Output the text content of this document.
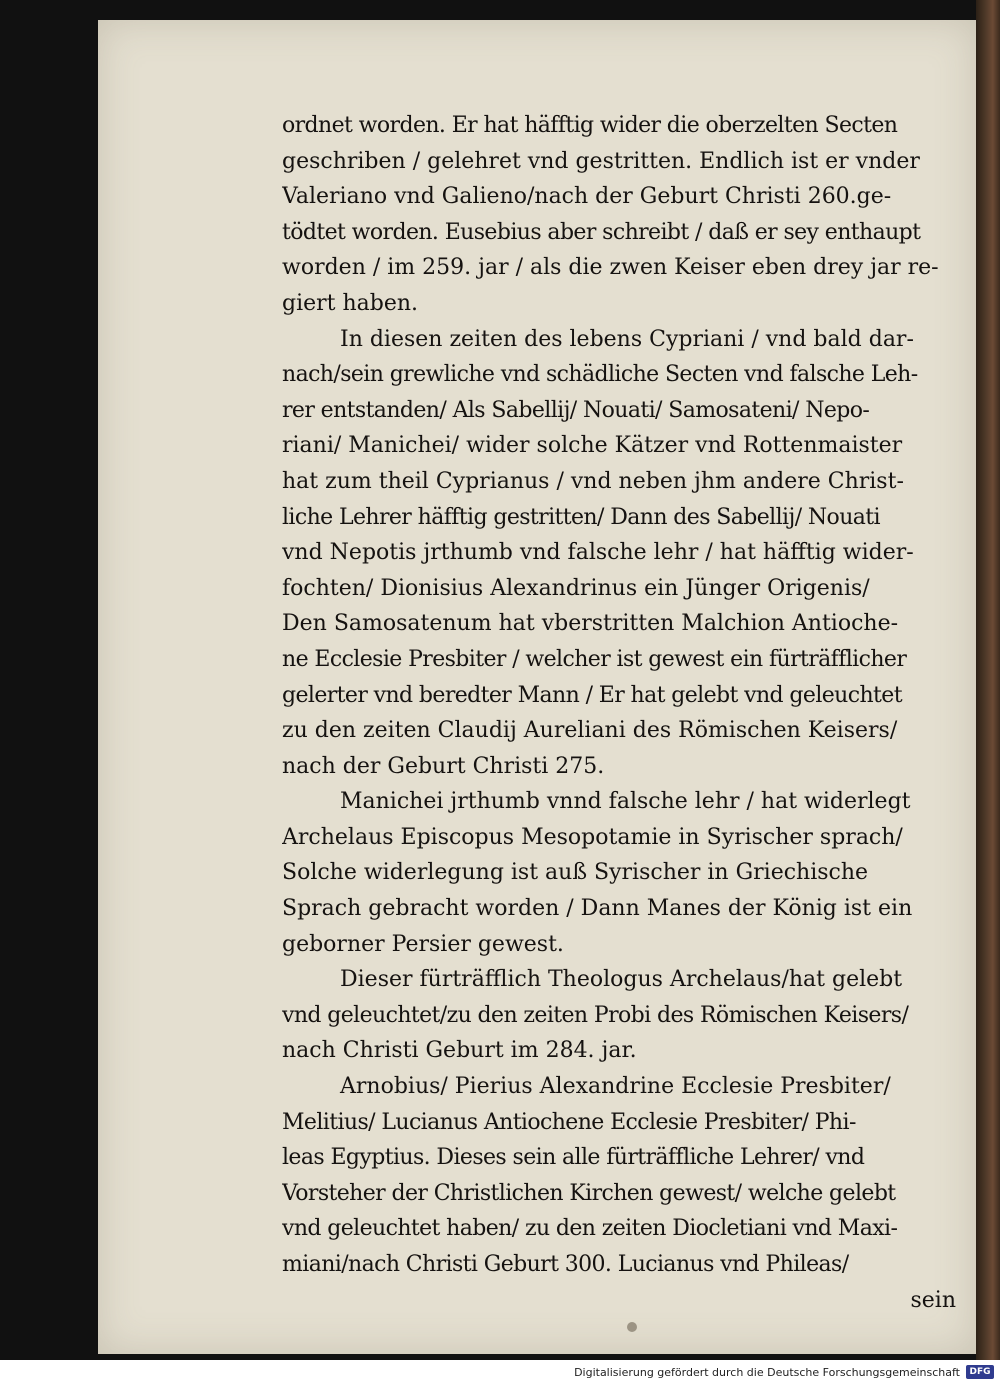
ordnet worden. Er hat häfftig wider die oberzelten Secten
geschriben / gelehret vnd gestritten. Endlich ist er vnder
Valeriano vnd Galieno/nach der Geburt Christi 260.ge-
tödtet worden. Eusebius aber schreibt / daß er sey enthaupt
worden / im 259. jar / als die zwen Keiser eben drey jar re-
giert haben.
In diesen zeiten des lebens Cypriani / vnd bald dar-
nach/sein grewliche vnd schädliche Secten vnd falsche Leh-
rer entstanden/ Als Sabellij/ Nouati/ Samosateni/ Nepo-
riani/ Manichei/ wider solche Kätzer vnd Rottenmaister
hat zum theil Cyprianus / vnd neben jhm andere Christ-
liche Lehrer häfftig gestritten/ Dann des Sabellij/ Nouati
vnd Nepotis jrthumb vnd falsche lehr / hat häfftig wider-
fochten/ Dionisius Alexandrinus ein Jünger Origenis/
Den Samosatenum hat vberstritten Malchion Antioche-
ne Ecclesie Presbiter / welcher ist gewest ein fürträfflicher
gelerter vnd beredter Mann / Er hat gelebt vnd geleuchtet
zu den zeiten Claudij Aureliani des Römischen Keisers/
nach der Geburt Christi 275.
Manichei jrthumb vnnd falsche lehr / hat widerlegt
Archelaus Episcopus Mesopotamie in Syrischer sprach/
Solche widerlegung ist auß Syrischer in Griechische
Sprach gebracht worden / Dann Manes der König ist ein
geborner Persier gewest.
Dieser fürträfflich Theologus Archelaus/hat gelebt
vnd geleuchtet/zu den zeiten Probi des Römischen Keisers/
nach Christi Geburt im 284. jar.
Arnobius/ Pierius Alexandrine Ecclesie Presbiter/
Melitius/ Lucianus Antiochene Ecclesie Presbiter/ Phi-
leas Egyptius. Dieses sein alle fürträffliche Lehrer/ vnd
Vorsteher der Christlichen Kirchen gewest/ welche gelebt
vnd geleuchtet haben/ zu den zeiten Diocletiani vnd Maxi-
miani/nach Christi Geburt 300. Lucianus vnd Phileas/
sein
Digitalisierung gefördert durch die Deutsche Forschungsgemeinschaft	DFG
